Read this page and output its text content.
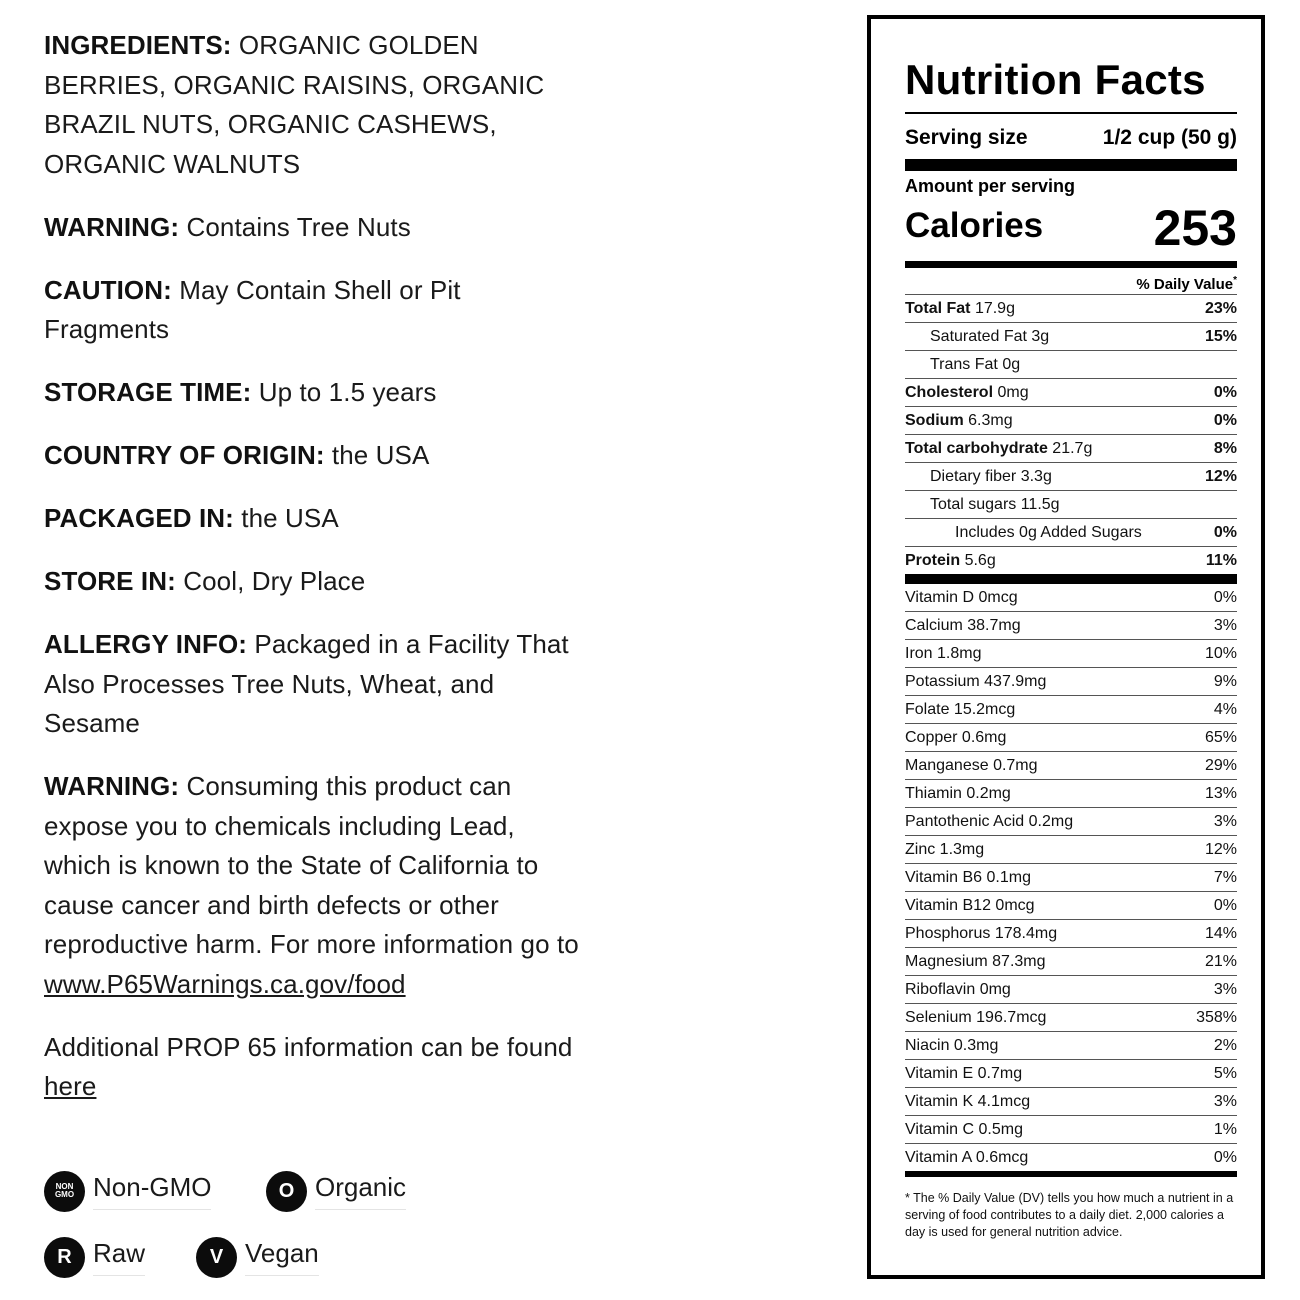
INGREDIENTS: ORGANIC GOLDEN BERRIES, ORGANIC RAISINS, ORGANIC BRAZIL NUTS, ORGANIC CASHEWS, ORGANIC WALNUTS

WARNING: Contains Tree Nuts

CAUTION: May Contain Shell or Pit Fragments

STORAGE TIME: Up to 1.5 years

COUNTRY OF ORIGIN: the USA

PACKAGED IN: the USA

STORE IN: Cool, Dry Place

ALLERGY INFO: Packaged in a Facility That Also Processes Tree Nuts, Wheat, and Sesame

WARNING: Consuming this product can expose you to chemicals including Lead, which is known to the State of California to cause cancer and birth defects or other reproductive harm. For more information go to www.P65Warnings.ca.gov/food

Additional PROP 65 information can be found here

NON
GMO Non-GMO	O Organic
R Raw	V Vegan
Nutrition Facts
Serving size	1/2 cup (50 g)
Amount per serving
Calories 253
% Daily Value*
Total Fat 17.9g	23%
Saturated Fat 3g	15%
Trans Fat 0g
Cholesterol 0mg	0%
Sodium 6.3mg	0%
Total carbohydrate 21.7g	8%
Dietary fiber 3.3g	12%
Total sugars 11.5g
Includes 0g Added Sugars	0%
Protein 5.6g	11%
Vitamin D 0mcg	0%
Calcium 38.7mg	3%
Iron 1.8mg	10%
Potassium 437.9mg	9%
Folate 15.2mcg	4%
Copper 0.6mg	65%
Manganese 0.7mg	29%
Thiamin 0.2mg	13%
Pantothenic Acid 0.2mg	3%
Zinc 1.3mg	12%
Vitamin B6 0.1mg	7%
Vitamin B12 0mcg	0%
Phosphorus 178.4mg	14%
Magnesium 87.3mg	21%
Riboflavin 0mg	3%
Selenium 196.7mcg	358%
Niacin 0.3mg	2%
Vitamin E 0.7mg	5%
Vitamin K 4.1mcg	3%
Vitamin C 0.5mg	1%
Vitamin A 0.6mcg	0%
* The % Daily Value (DV) tells you how much a nutrient in a serving of food contributes to a daily diet. 2,000 calories a day is used for general nutrition advice.
